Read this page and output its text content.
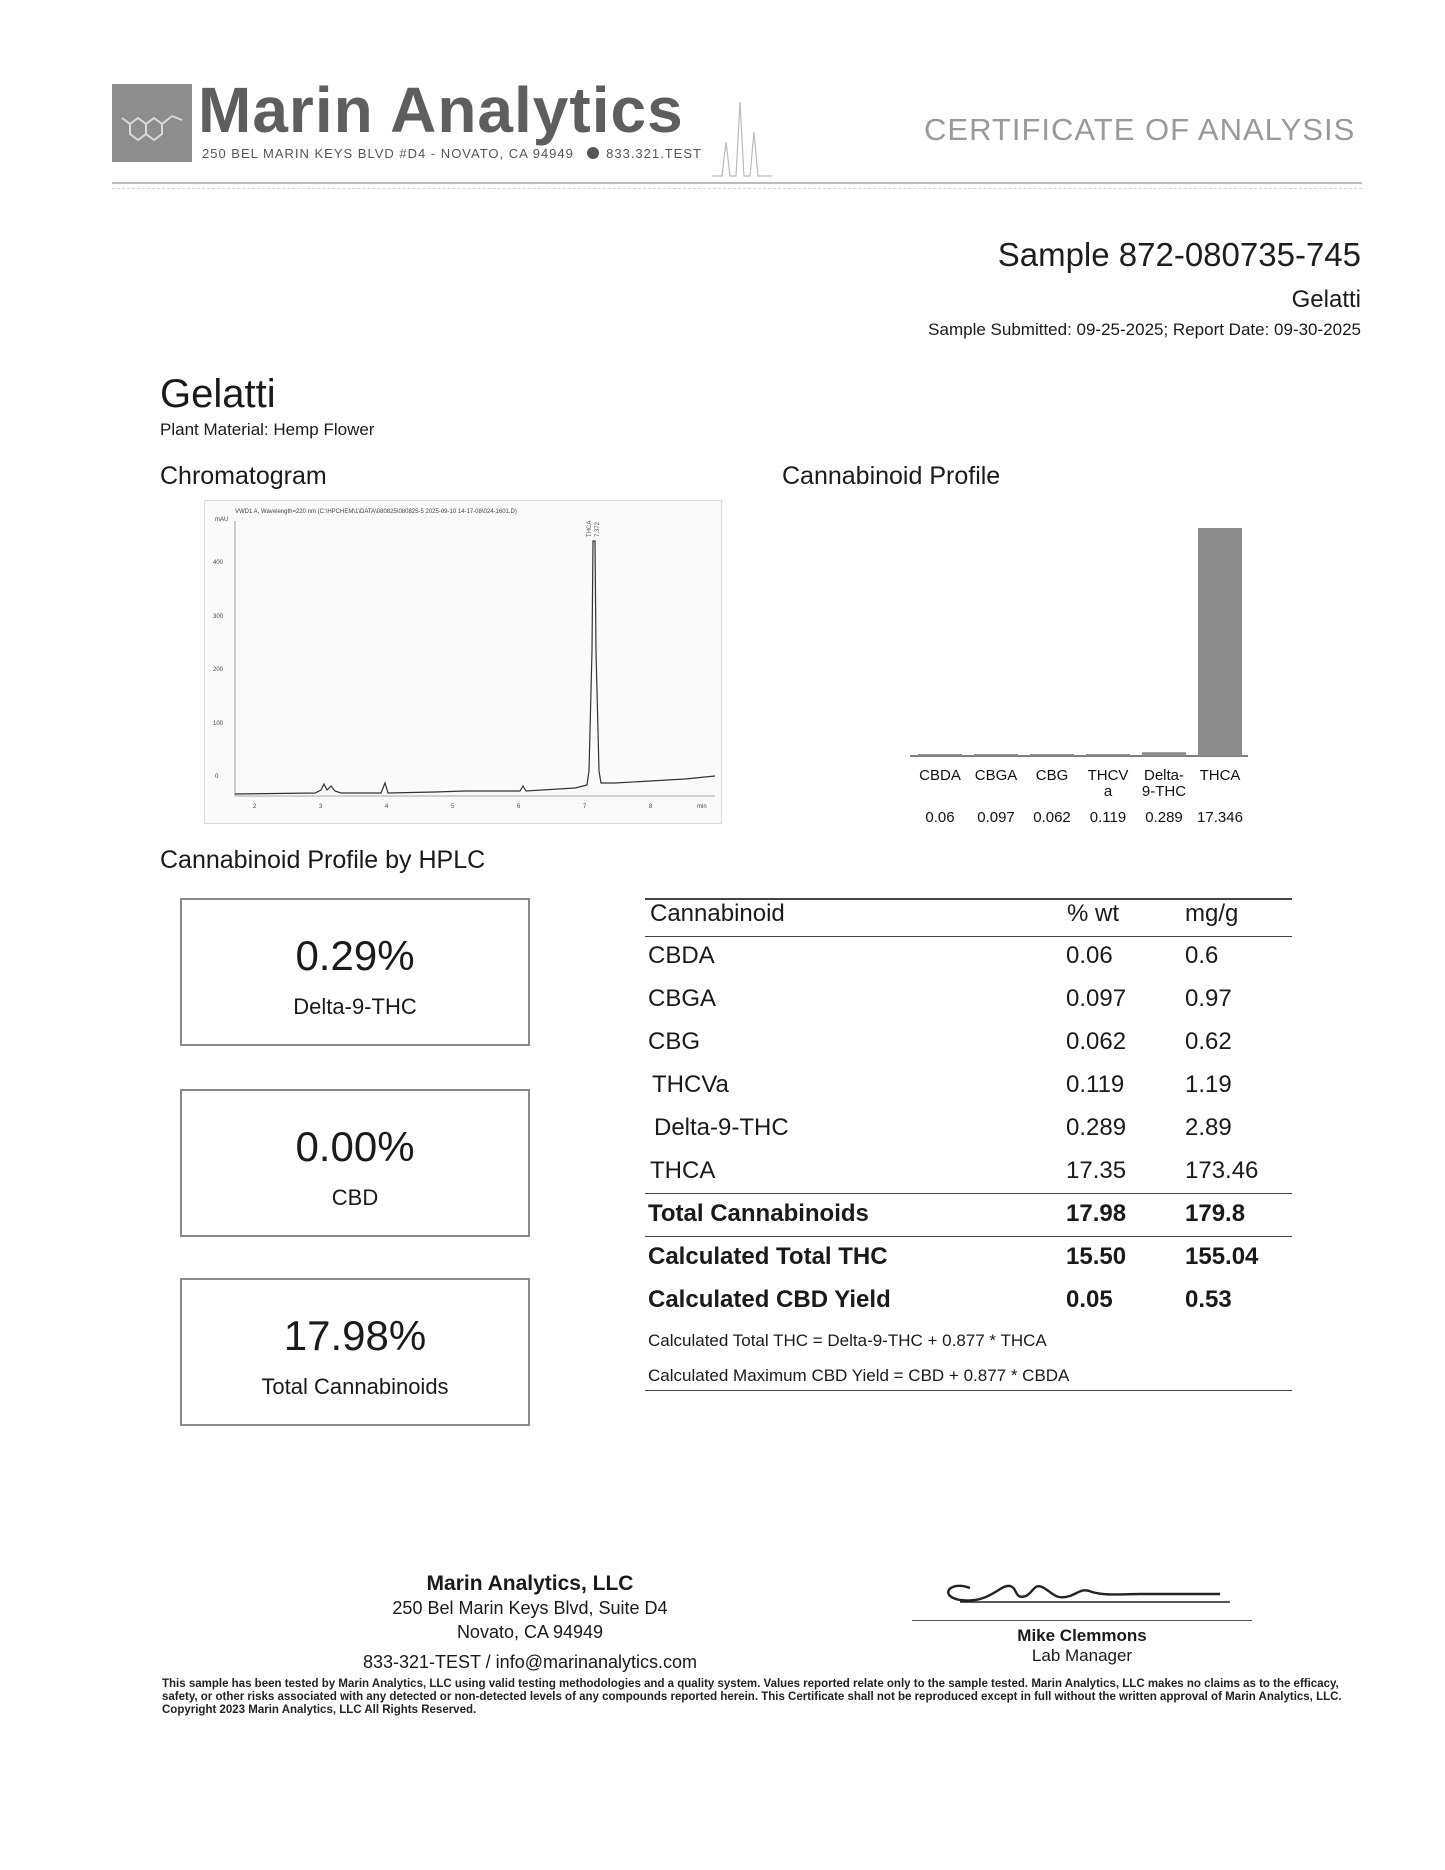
Marin Analytics
250 BEL MARIN KEYS BLVD #D4 - NOVATO, CA 94949 833.321.TEST
CERTIFICATE OF ANALYSIS
Sample 872-080735-745
Gelatti
Sample Submitted: 09-25-2025; Report Date: 09-30-2025
Gelatti
Plant Material: Hemp Flower
Chromatogram	Cannabinoid Profile
VWD1 A, Wavelength=220 nm (C:\HPCHEM\1\DATA\080825\080825-5 2025-09-10 14-17-08\024-1601.D)
mAU
400
300
200
100
0
THCA 7.372
2	3	4	5	6	7	8	min
CBDA
0.06
CBGA
0.097
CBG
0.062
THCV
a
0.119
Delta-
9-THC
0.289
THCA
17.346
Cannabinoid Profile by HPLC
0.29%
Delta-9-THC
0.00%
CBD
17.98%
Total Cannabinoids
Cannabinoid	% wt	mg/g
CBDA	0.06	0.6
CBGA	0.097 0.97
CBG	0.062 0.62
THCVa	0.119	1.19
Delta-9-THC	0.289 2.89
THCA	17.35 173.46
Total Cannabinoids	17.98 179.8
Calculated Total THC	15.50 155.04
Calculated CBD Yield	0.05	0.53
Calculated Total THC = Delta-9-THC + 0.877 * THCA
Calculated Maximum CBD Yield = CBD + 0.877 * CBDA
Marin Analytics, LLC
250 Bel Marin Keys Blvd, Suite D4
Novato, CA 94949
833-321-TEST / info@marinanalytics.com
Mike Clemmons
Lab Manager
This sample has been tested by Marin Analytics, LLC using valid testing methodologies and a quality system. Values reported relate only to the sample tested. Marin Analytics, LLC makes no claims as to the efficacy, safety, or other risks associated with any detected or non-detected levels of any compounds reported herein. This Certificate shall not be reproduced except in full without the written approval of Marin Analytics, LLC. Copyright 2023 Marin Analytics, LLC All Rights Reserved.
